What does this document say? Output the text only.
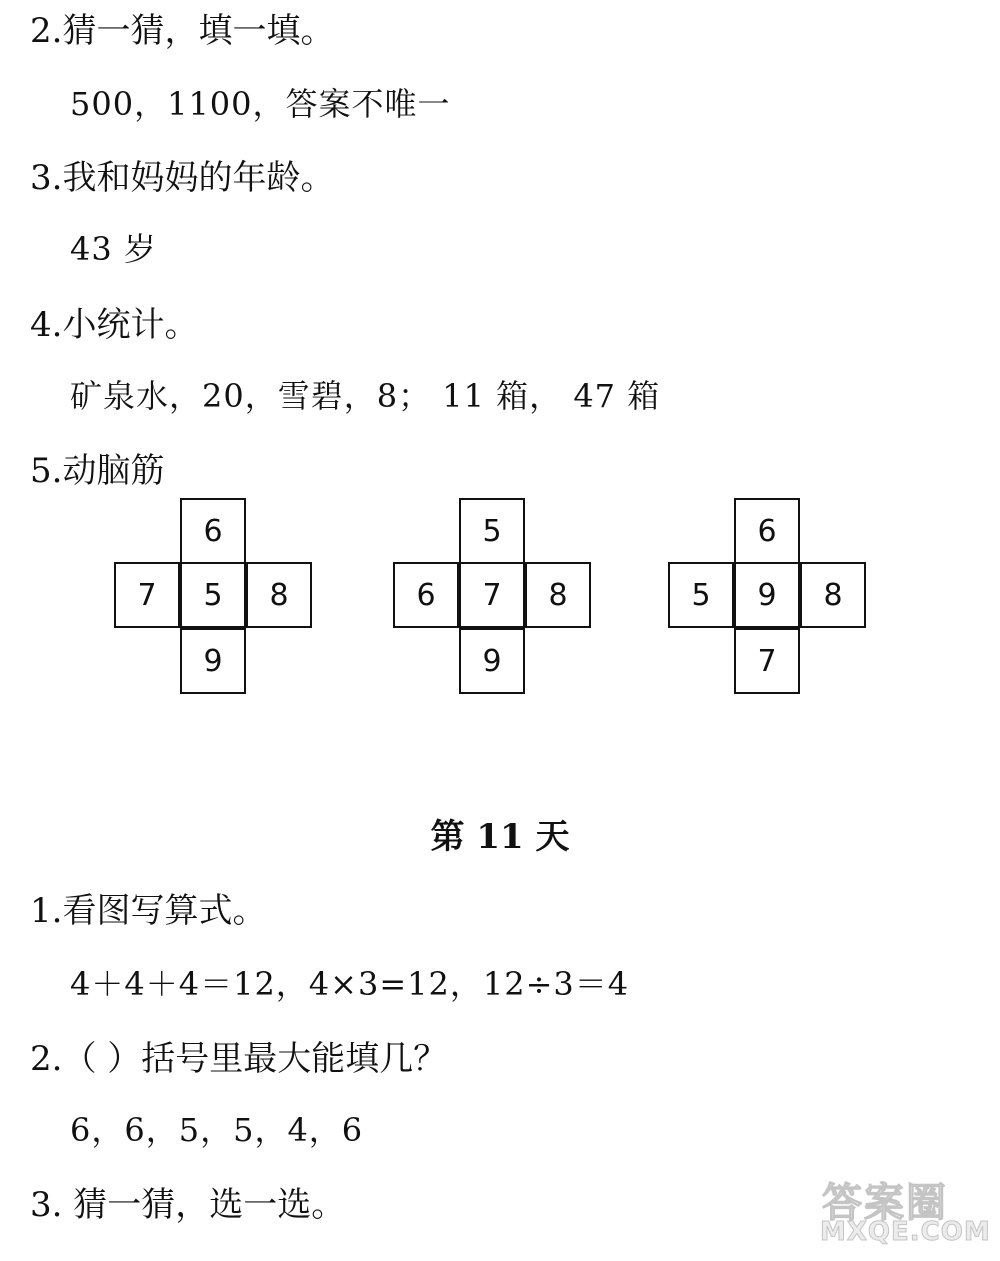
2.猜一猜，填一填。
500，1100，答案不唯一
3.我和妈妈的年龄。
43 岁
4.小统计。
矿泉水，20，雪碧，8； 11 箱， 47 箱
5.动脑筋
6
7	5	8
9
5
6	7	8
9
6
5	9	8
7
第 11 天
1.看图写算式。
4＋4＋4＝12，4×3=12，12÷3＝4
2.（ ）括号里最大能填几？
6，6，5，5，4，6
3. 猜一猜，选一选。	答案圈
MXQE.COM
